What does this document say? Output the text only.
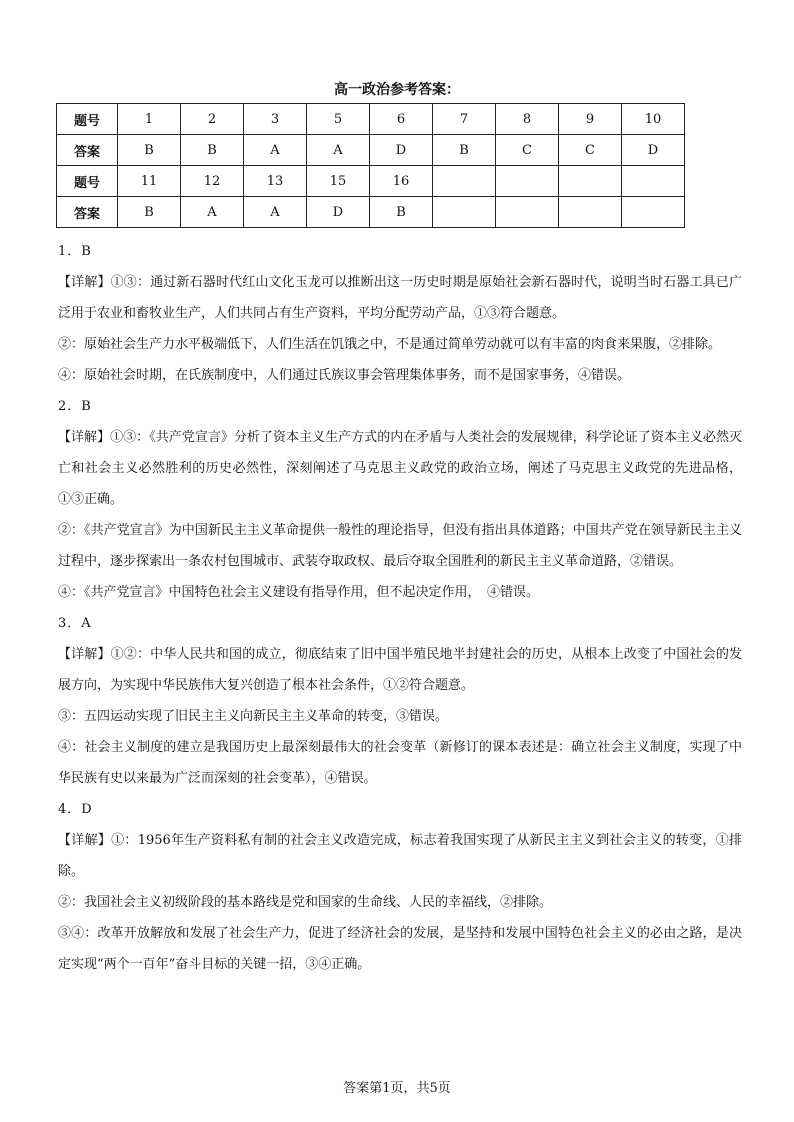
高一政治参考答案：
题号	1	2	3	5	6	7	8	9	10
答案	B	B	A	A	D	B	C	C	D
题号	11	12	13	15	16				
答案	B	A	A	D	B				

1．B

【详解】①③：通过新石器时代红山文化玉龙可以推断出这一历史时期是原始社会新石器时代，说明当时石器工具已广泛用于农业和畜牧业生产，人们共同占有生产资料，平均分配劳动产品，①③符合题意。

②：原始社会生产力水平极端低下，人们生活在饥饿之中，不是通过简单劳动就可以有丰富的肉食来果腹，②排除。

④：原始社会时期，在氏族制度中，人们通过氏族议事会管理集体事务，而不是国家事务，④错误。

2．B

【详解】①③：《共产党宣言》分析了资本主义生产方式的内在矛盾与人类社会的发展规律，科学论证了资本主义必然灭亡和社会主义必然胜利的历史必然性，深刻阐述了马克思主义政党的政治立场，阐述了马克思主义政党的先进品格，①③正确。

②：《共产党宣言》为中国新民主主义革命提供一般性的理论指导，但没有指出具体道路；中国共产党在领导新民主主义过程中，逐步探索出一条农村包围城市、武装夺取政权、最后夺取全国胜利的新民主主义革命道路，②错误。

④：《共产党宣言》中国特色社会主义建设有指导作用，但不起决定作用，　④错误。

3．A

【详解】①②：中华人民共和国的成立，彻底结束了旧中国半殖民地半封建社会的历史，从根本上改变了中国社会的发展方向，为实现中华民族伟大复兴创造了根本社会条件，①②符合题意。

③：五四运动实现了旧民主主义向新民主主义革命的转变，③错误。

④：社会主义制度的建立是我国历史上最深刻最伟大的社会变革（新修订的课本表述是：确立社会主义制度，实现了中华民族有史以来最为广泛而深刻的社会变革），④错误。

4．D

【详解】①：1956年生产资料私有制的社会主义改造完成，标志着我国实现了从新民主主义到社会主义的转变，①排除。

②：我国社会主义初级阶段的基本路线是党和国家的生命线、人民的幸福线，②排除。

③④：改革开放解放和发展了社会生产力，促进了经济社会的发展，是坚持和发展中国特色社会主义的必由之路，是决定实现“两个一百年”奋斗目标的关键一招，③④正确。

答案第1页，共5页
